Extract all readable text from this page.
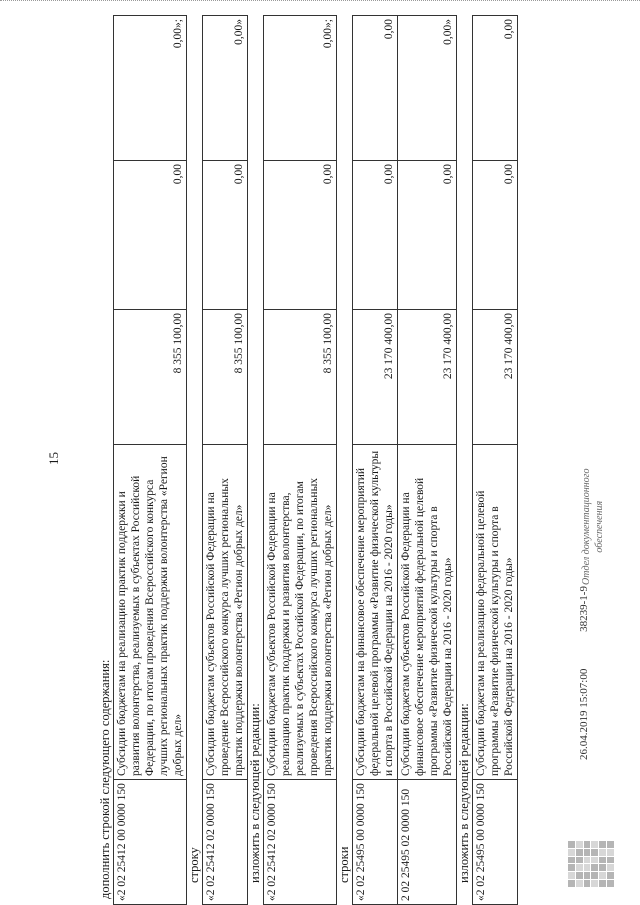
15
дополнить строкой следующего содержания: «2 02 25412 00 0000 150	Субсидии бюджетам на реализацию практик поддержки и развития волонтерства, реализуемых в субъектах Российской Федерации, по итогам проведения Всероссийского конкурса лучших региональных практик поддержки волонтерства «Регион добрых дел»	8 355 100,00	0,00	0,00»;
строку «2 02 25412 02 0000 150	Субсидии бюджетам субъектов Российской Федерации на проведение Всероссийского конкурса лучших региональных практик поддержки волонтерства «Регион добрых дел»	8 355 100,00	0,00	0,00»
изложить в следующей редакции: «2 02 25412 02 0000 150	Субсидии бюджетам субъектов Российской Федерации на реализацию практик поддержки и развития волонтерства, реализуемых в субъектах Российской Федерации, по итогам проведения Всероссийского конкурса лучших региональных практик поддержки волонтерства «Регион добрых дел»	8 355 100,00	0,00	0,00»;
строки «2 02 25495 00 0000 150	Субсидии бюджетам на финансовое обеспечение мероприятий федеральной целевой программы «Развитие физической культуры и спорта в Российской Федерации на 2016 - 2020 годы»	23 170 400,00	0,00	0,00
2 02 25495 02 0000 150	Субсидии бюджетам субъектов Российской Федерации на финансовое обеспечение мероприятий федеральной целевой программы «Развитие физической культуры и спорта в Российской Федерации на 2016 - 2020 годы»	23 170 400,00	0,00	0,00»
изложить в следующей редакции: «2 02 25495 00 0000 150	Субсидии бюджетам на реализацию федеральной целевой программы «Развитие физической культуры и спорта в Российской Федерации на 2016 - 2020 годы»	23 170 400,00	0,00	0,00
26.04.2019 15:07:00 38239-1-9
Отдел документационного обеспечения
